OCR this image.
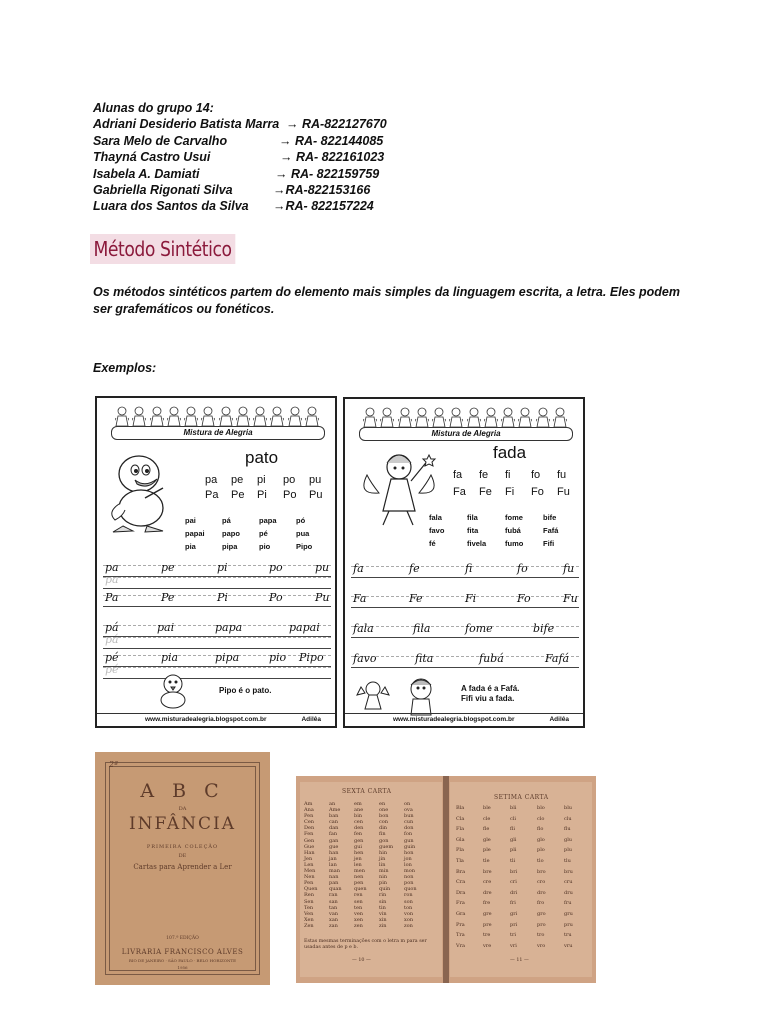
Alunas do grupo 14:
Adriani Desiderio Batista Marra → RA-822127670
Sara Melo de Carvalho	→ RA- 822144085
Thayná Castro Usui	→ RA- 822161023
Isabela A. Damiati	→ RA- 822159759
Gabriella Rigonati Silva	→RA-822153166
Luara dos Santos da Silva →RA- 822157224
Método Sintético
Os métodos sintéticos partem do elemento mais simples da linguagem escrita, a letra. Eles podem ser grafemáticos ou fonéticos.
Exemplos:
Mistura de Alegria
pato
pa	pe	pi	po	pu
Pa	Pe	Pi	Po	Pu
pai	pá	papa	pó
papai	papo	pé	pua
pia	pipa	pio	Pipo
pa	pe	pi	po	pu
pa
Pa	Pe	Pi	Po	Pu
pá	pai	papa	papai
pá
pé	pia	pipa	pio Pipo
pé
Pipo é o pato.
www.misturadealegria.blogspot.com.br	Adilêa
Mistura de Alegria
fada
fa	fe	fi	fo	fu
Fa	Fe	Fi	Fo	Fu
fala	fila	fome	bife
favo	fita	fubá	Fafá
fé	fivela	fumo	Fifi
fa	fe	fi	fo	fu
Fa	Fe	Fi	Fo	Fu
fala	fila	fome	bife
favo	fita	fubá	Fafá
A fada é a Fafá.
Fifi viu a fada.
www.misturadealegria.blogspot.com.br	Adilêa
2ª
A B C
DA
INFÂNCIA
PRIMEIRA COLEÇÃO
DE
Cartas para Aprender a Ler
107.ª EDIÇÃO
LIVRARIA FRANCISCO ALVES
RIO DE JANEIRO · SÃO PAULO · BELO HORIZONTE
1956
SEXTA CARTA
SETIMA CARTA
Am	an	em	en	on
Ana	Ame	ane	one	ova
Pen	ban	bin	bon	bun
Cen	can	cen	con	cun
Den	dan	den	din	don
Fen	fan	fen	fin	fon
Gen	gan	gen	gon	gun
Gue	gue	gui	guem	guin
Han	han	hen	hin	hon
Jen	jan	jen	jin	jon
Len	lan	len	lin	lon
Men	man	men	min	mon
Nen	nan	nen	nin	non
Pen	pan	pen	pin	pon
Quen	quan	quen	quin	quon
Ren	ran	ren	rin	ron
Sen	san	sen	sin	son
Ten	tan	ten	tin	ton
Ven	van	ven	vin	von
Xen	xan	xen	xin	xon
Zen	zan	zen	zin	zon
Bla	ble	bli	blo	blu
Cla	cle	cli	clo	clu
Fla	fle	fli	flo	flu
Gla	gle	gli	glo	glu
Pla	ple	pli	plo	plu
Tla	tle	tli	tlo	tlu
Bra	bre	bri	bro	bru
Cra	cre	cri	cro	cru
Dra	dre	dri	dro	dru
Fra	fre	fri	fro	fru
Gra	gre	gri	gro	gru
Pra	pre	pri	pro	pru
Tra	tre	tri	tro	tru
Vra	vre	vri	vro	vru
Estas mesmas terminações com o letra m para ser usadas antes de p e b.
— 10 —	— 11 —
